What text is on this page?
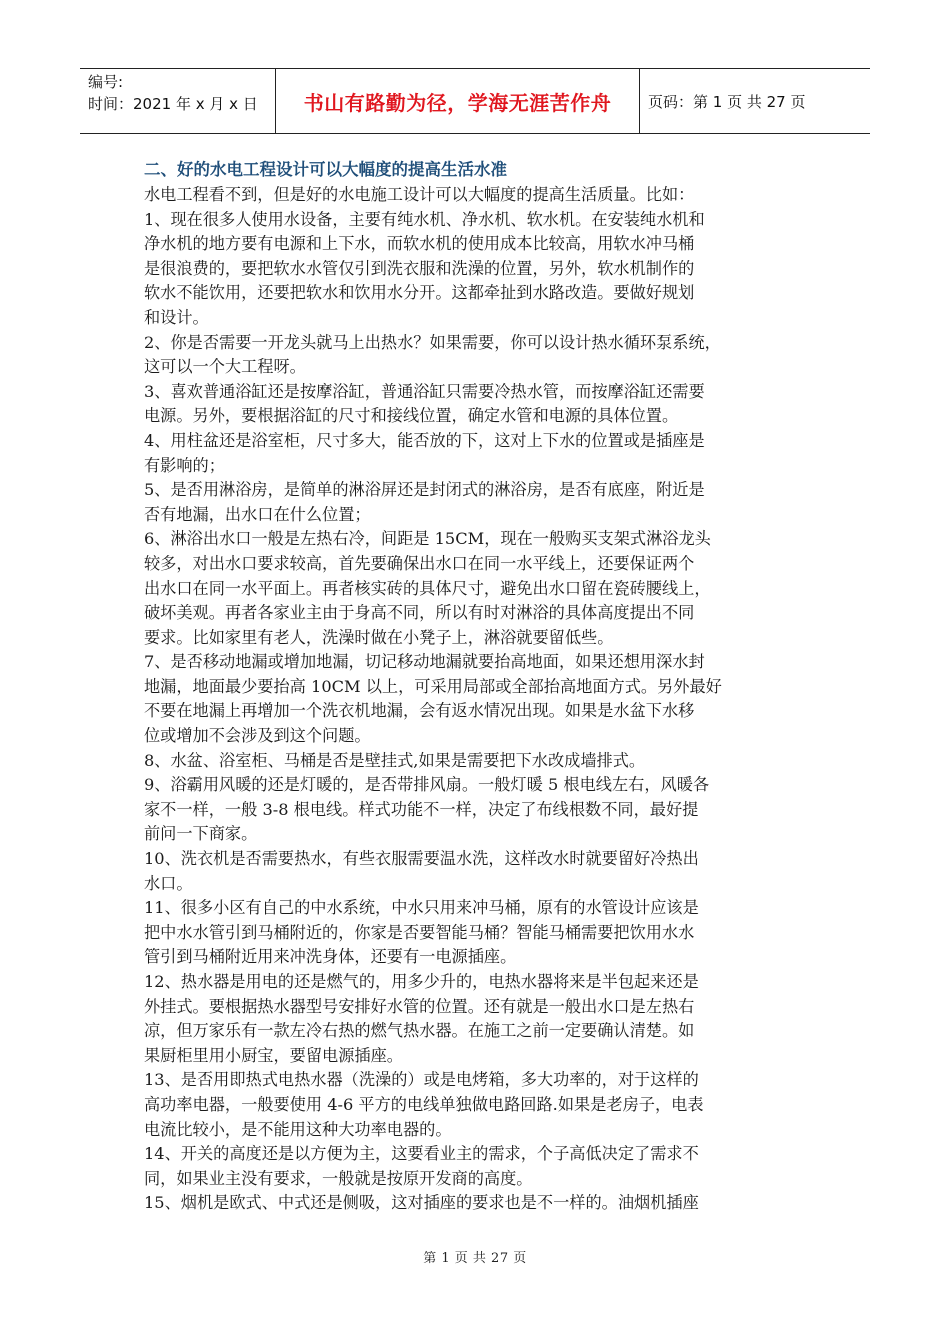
编号:
时间：2021 年 x 月 x 日	书山有路勤为径，学海无涯苦作舟	页码：第 1 页 共 27 页
二、好的水电工程设计可以大幅度的提高生活水准

水电工程看不到，但是好的水电施工设计可以大幅度的提高生活质量。比如：

1、现在很多人使用水设备，主要有纯水机、净水机、软水机。在安装纯水机和
净水机的地方要有电源和上下水，而软水机的使用成本比较高，用软水冲马桶
是很浪费的，要把软水水管仅引到洗衣服和洗澡的位置，另外，软水机制作的
软水不能饮用，还要把软水和饮用水分开。这都牵扯到水路改造。要做好规划
和设计。

2、你是否需要一开龙头就马上出热水？如果需要，你可以设计热水循环泵系统，
这可以一个大工程呀。

3、喜欢普通浴缸还是按摩浴缸，普通浴缸只需要冷热水管，而按摩浴缸还需要
电源。另外，要根据浴缸的尺寸和接线位置，确定水管和电源的具体位置。

4、用柱盆还是浴室柜，尺寸多大，能否放的下，这对上下水的位置或是插座是
有影响的；

5、是否用淋浴房，是简单的淋浴屏还是封闭式的淋浴房，是否有底座，附近是
否有地漏，出水口在什么位置；

6、淋浴出水口一般是左热右冷，间距是 15CM，现在一般购买支架式淋浴龙头
较多，对出水口要求较高，首先要确保出水口在同一水平线上，还要保证两个
出水口在同一水平面上。再者核实砖的具体尺寸，避免出水口留在瓷砖腰线上，
破坏美观。再者各家业主由于身高不同，所以有时对淋浴的具体高度提出不同
要求。比如家里有老人，洗澡时做在小凳子上，淋浴就要留低些。

7、是否移动地漏或增加地漏，切记移动地漏就要抬高地面，如果还想用深水封
地漏，地面最少要抬高 10CM 以上，可采用局部或全部抬高地面方式。另外最好
不要在地漏上再增加一个洗衣机地漏，会有返水情况出现。如果是水盆下水移
位或增加不会涉及到这个问题。

8、水盆、浴室柜、马桶是否是壁挂式,如果是需要把下水改成墙排式。

9、浴霸用风暖的还是灯暖的，是否带排风扇。一般灯暖 5 根电线左右，风暖各
家不一样，一般 3-8 根电线。样式功能不一样，决定了布线根数不同，最好提
前问一下商家。

10、洗衣机是否需要热水，有些衣服需要温水洗，这样改水时就要留好冷热出
水口。

11、很多小区有自己的中水系统，中水只用来冲马桶，原有的水管设计应该是
把中水水管引到马桶附近的，你家是否要智能马桶？智能马桶需要把饮用水水
管引到马桶附近用来冲洗身体，还要有一电源插座。

12、热水器是用电的还是燃气的，用多少升的，电热水器将来是半包起来还是
外挂式。要根据热水器型号安排好水管的位置。还有就是一般出水口是左热右
凉，但万家乐有一款左冷右热的燃气热水器。在施工之前一定要确认清楚。如
果厨柜里用小厨宝，要留电源插座。

13、是否用即热式电热水器（洗澡的）或是电烤箱，多大功率的，对于这样的
高功率电器，一般要使用 4-6 平方的电线单独做电路回路.如果是老房子，电表
电流比较小，是不能用这种大功率电器的。

14、开关的高度还是以方便为主，这要看业主的需求，个子高低决定了需求不
同，如果业主没有要求，一般就是按原开发商的高度。

15、烟机是欧式、中式还是侧吸，这对插座的要求也是不一样的。油烟机插座

第 1 页 共 27 页
